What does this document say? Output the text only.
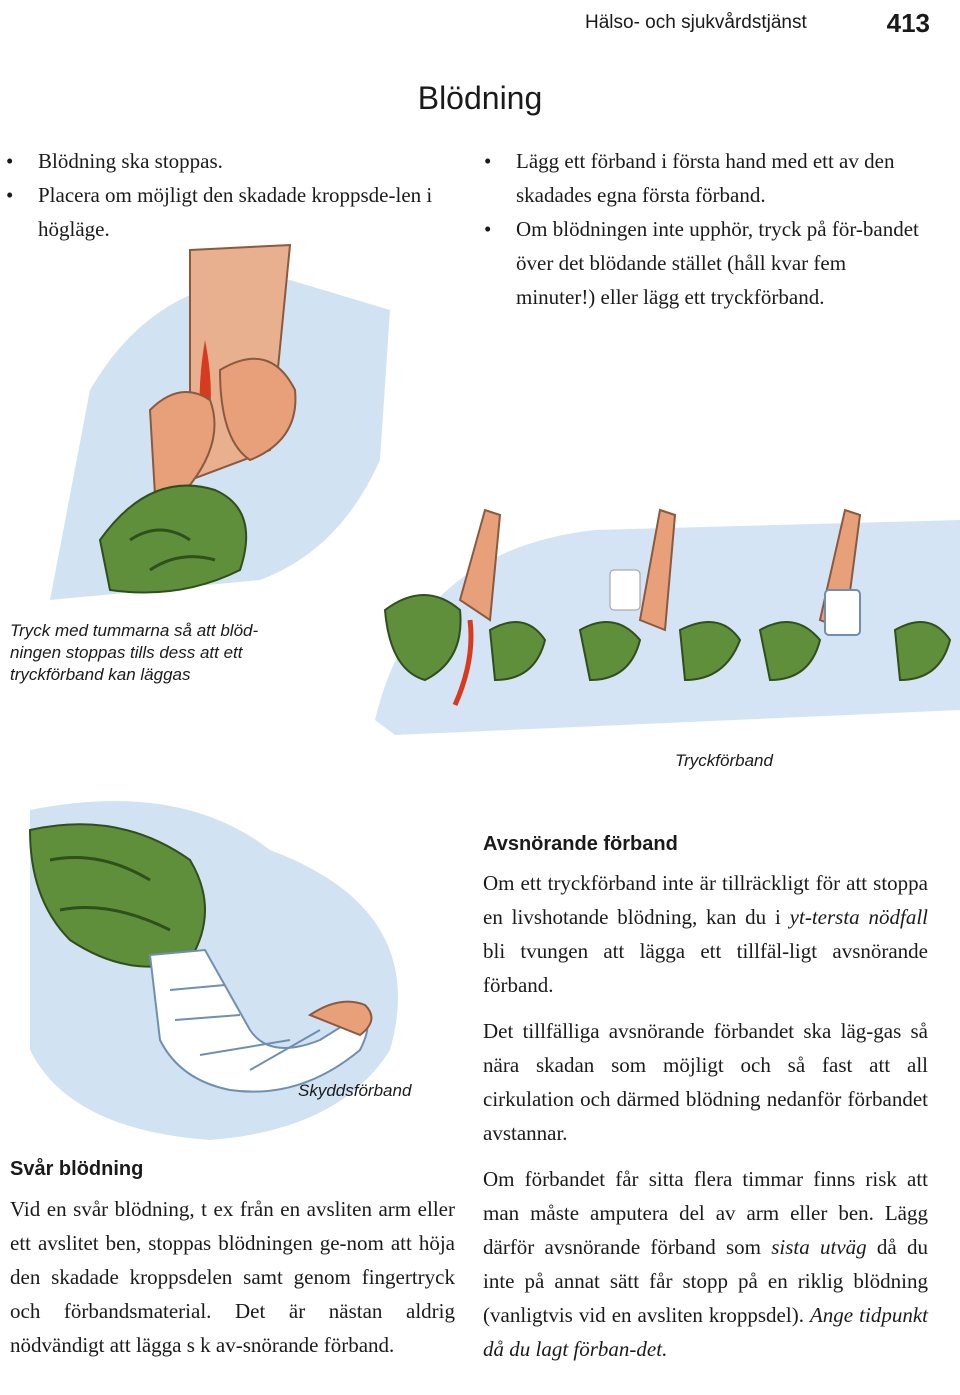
Hälso- och sjukvårdstjänst	413
Blödning
• Blödning ska stoppas.
• Placera om möjligt den skadade kroppsde-len i högläge.
• Lägg ett förband i första hand med ett av den skadades egna första förband.
• Om blödningen inte upphör, tryck på för-bandet över det blödande stället (håll kvar fem minuter!) eller lägg ett tryckförband.
Tryck med tummarna så att blöd-ningen stoppas tills dess att ett tryckförband kan läggas
Tryckförband
Skyddsförband
Avsnörande förband

Om ett tryckförband inte är tillräckligt för att stoppa en livshotande blödning, kan du i yt-tersta nödfall bli tvungen att lägga ett tillfäl-ligt avsnörande förband.

Det tillfälliga avsnörande förbandet ska läg-gas så nära skadan som möjligt och så fast att all cirkulation och därmed blödning nedanför förbandet avstannar.

Om förbandet får sitta flera timmar finns risk att man måste amputera del av arm eller ben. Lägg därför avsnörande förband som sista utväg då du inte på annat sätt får stopp på en riklig blödning (vanligtvis vid en avsliten kroppsdel). Ange tidpunkt då du lagt förban-det.

Svår blödning

Vid en svår blödning, t ex från en avsliten arm eller ett avslitet ben, stoppas blödningen ge-nom att höja den skadade kroppsdelen samt genom fingertryck och förbandsmaterial. Det är nästan aldrig nödvändigt att lägga s k av-snörande förband.
